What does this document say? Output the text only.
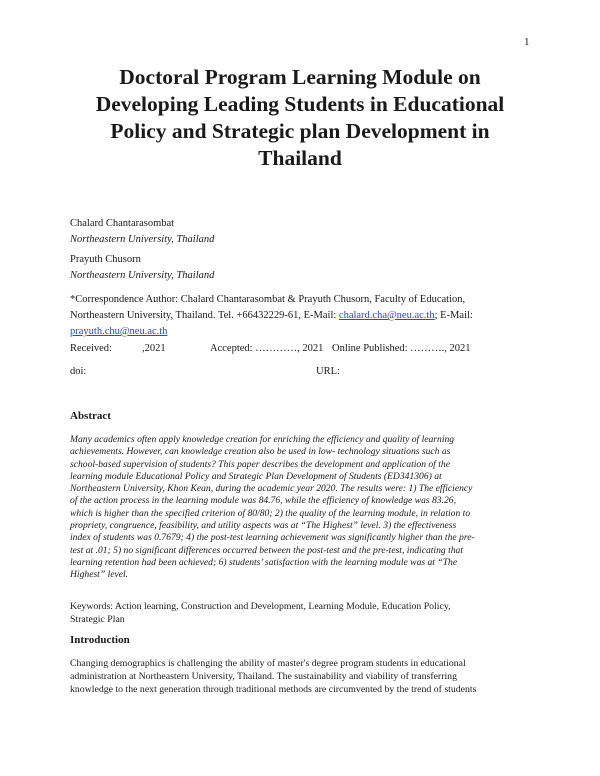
1
Doctoral Program Learning Module on
Developing Leading Students in Educational
Policy and Strategic plan Development in
Thailand
Chalard Chantarasombat
Northeastern University, Thailand
Prayuth Chusorn
Northeastern University, Thailand
*Correspondence Author: Chalard Chantarasombat & Prayuth Chusorn, Faculty of Education,
Northeastern University, Thailand. Tel. +66432229-61, E-Mail: chalard.cha@neu.ac.th; E-Mail:
prayuth.chu@neu.ac.th
Received:	,2021	Accepted: …………, 2021 Online Published: ………., 2021
doi:	URL:
Abstract
Many academics often apply knowledge creation for enriching the efficiency and quality of learning
achievements. However, can knowledge creation also be used in low- technology situations such as
school-based supervision of students? This paper describes the development and application of the
learning module Educational Policy and Strategic Plan Development of Students (ED341306) at
Northeastern University, Khon Kean, during the academic year 2020. The results were: 1) The efficiency
of the action process in the learning module was 84.76, while the efficiency of knowledge was 83.26,
which is higher than the specified criterion of 80/80; 2) the quality of the learning module, in relation to
propriety, congruence, feasibility, and utility aspects was at “The Highest” level. 3) the effectiveness
index of students was 0.7679; 4) the post-test learning achievement was significantly higher than the pre-
test at .01; 5) no significant differences occurred between the post-test and the pre-test, indicating that
learning retention had been achieved; 6) students’ satisfaction with the learning module was at “The
Highest” level.
Keywords: Action learning, Construction and Development, Learning Module, Education Policy,
Strategic Plan
Introduction
Changing demographics is challenging the ability of master's degree program students in educational
administration at Northeastern University, Thailand. The sustainability and viability of transferring
knowledge to the next generation through traditional methods are circumvented by the trend of students
